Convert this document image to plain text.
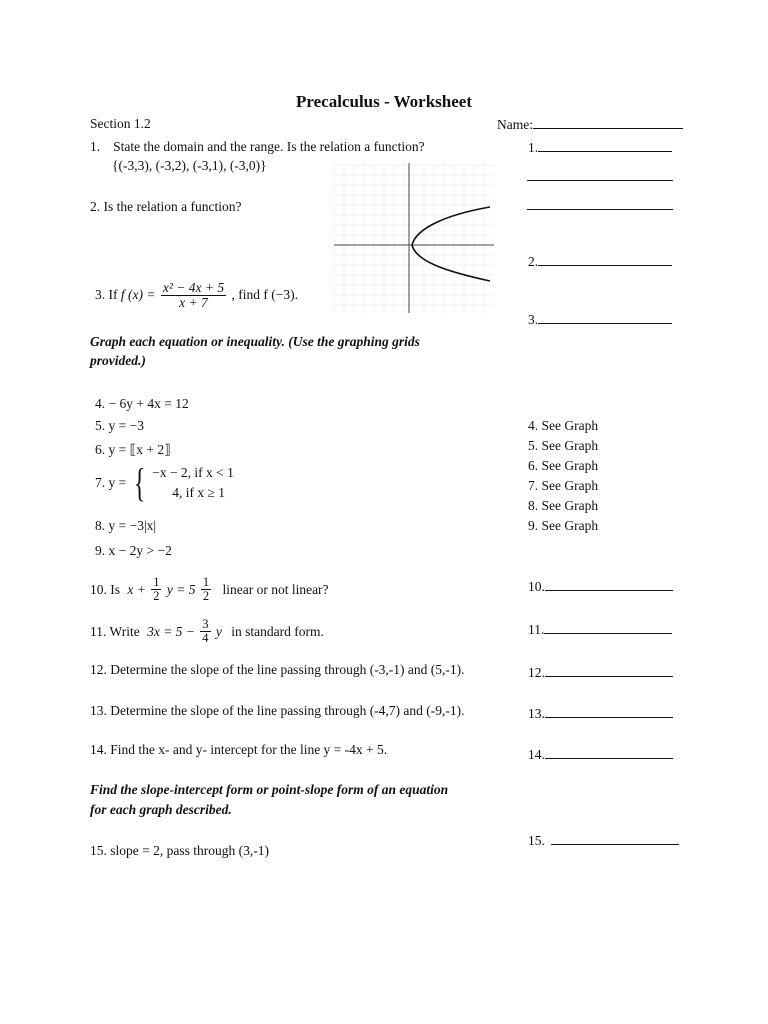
Precalculus - Worksheet
Section 1.2	Name:
1. State the domain and the range. Is the relation a function?
{(-3,3), (-3,2), (-3,1), (-3,0)}
1.
2.
3.
2. Is the relation a function?
3. If f $(x) = \frac{\text{x² − 4x + 5}}{x + 7}$ , find f (−3).
Graph each equation or inequality. (Use the graphing grids
provided.)
4. − 6y + 4x = 12
5. y = −3
6. y = ⟦x + 2⟧
7. y = { −x − 2, if x < 1
4, if x ≥ 1
8. y = −3|x|
9. x − 2y > −2
4. See Graph
5. See Graph
6. See Graph
7. See Graph
8. See Graph
9. See Graph
10. Is $x + \frac{1}{2}$ $y = 5 \frac{1}{2}$ linear or not linear?
11. Write $3x = 5 - \frac{3}{4}$ y in standard form.
10.
11.
12. Determine the slope of the line passing through (-3,-1) and (5,-1).
13. Determine the slope of the line passing through (-4,7) and (-9,-1).
14. Find the x- and y- intercept for the line y = -4x + 5.
12.
13.
14.
Find the slope-intercept form or point-slope form of an equation
for each graph described.
15. slope = 2, pass through (3,-1)
15.
